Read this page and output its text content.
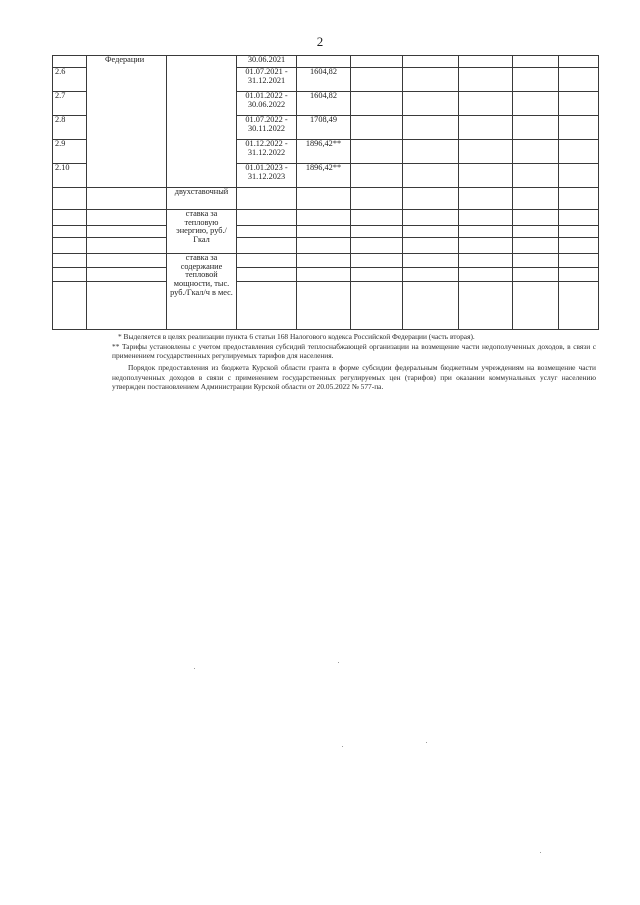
2
	Федерации		30.06.2021						
2.6			01.07.2021 - 31.12.2021	1604,82					
2.7			01.01.2022 - 30.06.2022	1604,82					
2.8			01.07.2022 - 30.11.2022	1708,49					
2.9			01.12.2022 - 31.12.2022	1896,42**					
2.10			01.01.2023 - 31.12.2023	1896,42**					
		двухставочный							
		ставка за тепловую энергию, руб./Гкал							

		ставка за содержание тепловой мощности, тыс. руб./Гкал/ч в мес.							

* Выделяется в целях реализации пункта 6 статьи 168 Налогового кодекса Российской Федерации (часть вторая).

** Тарифы установлены с учетом предоставления субсидий теплоснабжающей организации на возмещение части недополученных доходов, в связи с применением государственных регулируемых тарифов для населения.

Порядок предоставления из бюджета Курской области гранта в форме субсидии федеральным бюджетным учреждениям на возмещение части недополученных доходов в связи с применением государственных регулируемых цен (тарифов) при оказании коммунальных услуг населению утвержден постановлением Администрации Курской области от 20.05.2022 № 577-па.
